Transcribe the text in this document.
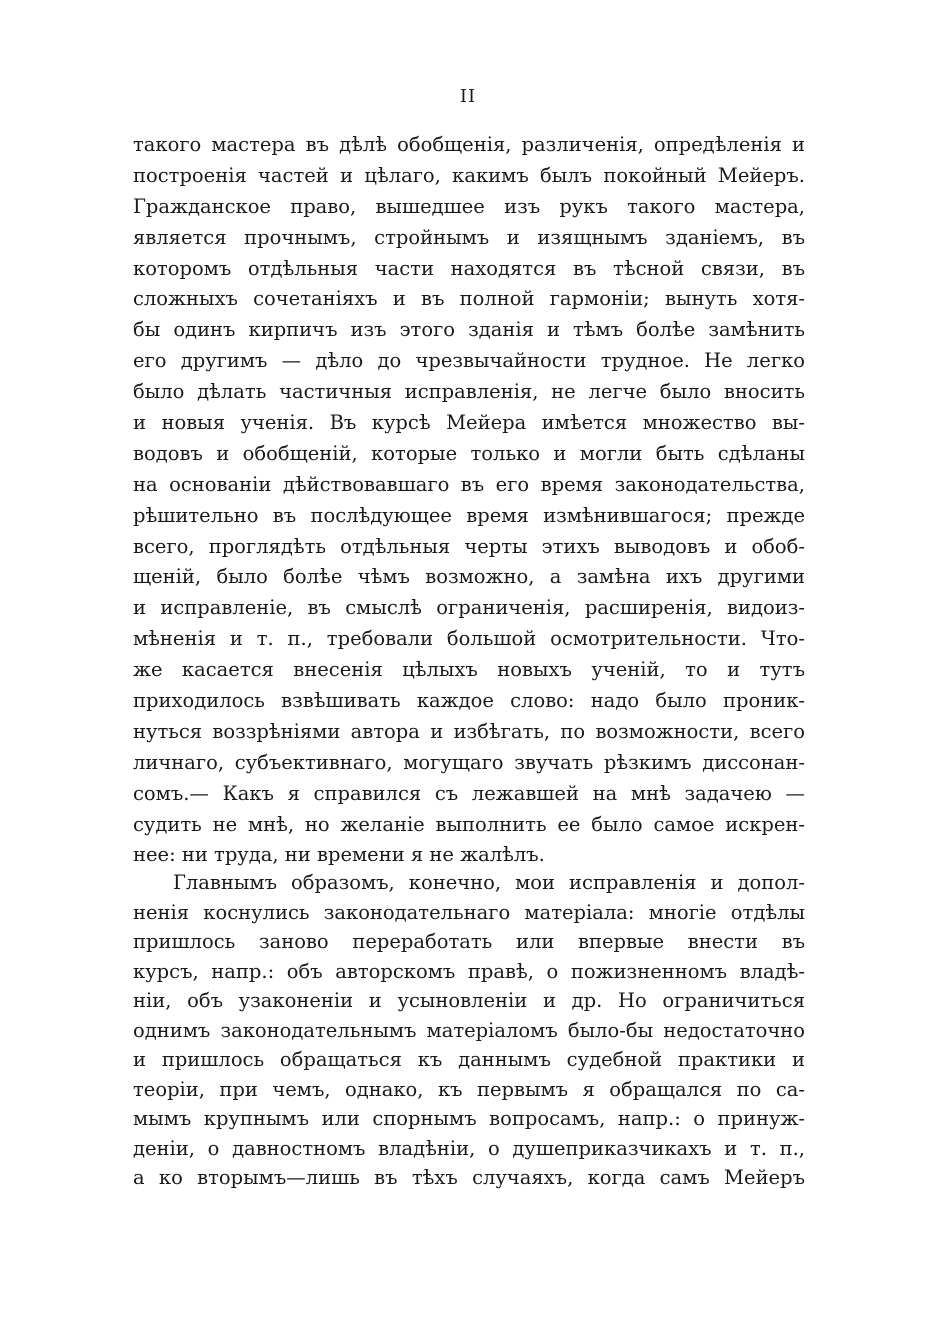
II
такого мастера въ дѣлѣ обобщенія, различенія, опредѣленія и
построенія частей и цѣлаго, какимъ былъ покойный Мейеръ.
Гражданское право, вышедшее изъ рукъ такого мастера,
является прочнымъ, стройнымъ и изящнымъ зданіемъ, въ
которомъ отдѣльныя части находятся въ тѣсной связи, въ
сложныхъ сочетаніяхъ и въ полной гармоніи; вынуть хотя-
бы одинъ кирпичъ изъ этого зданія и тѣмъ болѣе замѣнить
его другимъ — дѣло до чрезвычайности трудное. Не легко
было дѣлать частичныя исправленія, не легче было вносить
и новыя ученія. Въ курсѣ Мейера имѣется множество вы-
водовъ и обобщеній, которые только и могли быть сдѣланы
на основаніи дѣйствовавшаго въ его время законодательства,
рѣшительно въ послѣдующее время измѣнившагося; прежде
всего, проглядѣть отдѣльныя черты этихъ выводовъ и обоб-
щеній, было болѣе чѣмъ возможно, а замѣна ихъ другими
и исправленіе, въ смыслѣ ограниченія, расширенія, видоиз-
мѣненія и т. п., требовали большой осмотрительности. Что-
же касается внесенія цѣлыхъ новыхъ ученій, то и тутъ
приходилось взвѣшивать каждое слово: надо было проник-
нуться воззрѣніями автора и избѣгать, по возможности, всего
личнаго, субъективнаго, могущаго звучать рѣзкимъ диссонан-
сомъ.— Какъ я справился съ лежавшей на мнѣ задачею —
судить не мнѣ, но желаніе выполнить ее было самое искрен-
нее: ни труда, ни времени я не жалѣлъ.
Главнымъ образомъ, конечно, мои исправленія и допол-
ненія коснулись законодательнаго матеріала: многіе отдѣлы
пришлось заново переработать или впервые внести въ
курсъ, напр.: объ авторскомъ правѣ, о пожизненномъ владѣ-
ніи, объ узаконеніи и усыновленіи и др. Но ограничиться
однимъ законодательнымъ матеріаломъ было-бы недостаточно
и пришлось обращаться къ даннымъ судебной практики и
теоріи, при чемъ, однако, къ первымъ я обращался по са-
мымъ крупнымъ или спорнымъ вопросамъ, напр.: о принуж-
деніи, о давностномъ владѣніи, о душеприказчикахъ и т. п.,
а ко вторымъ—лишь въ тѣхъ случаяхъ, когда самъ Мейеръ
